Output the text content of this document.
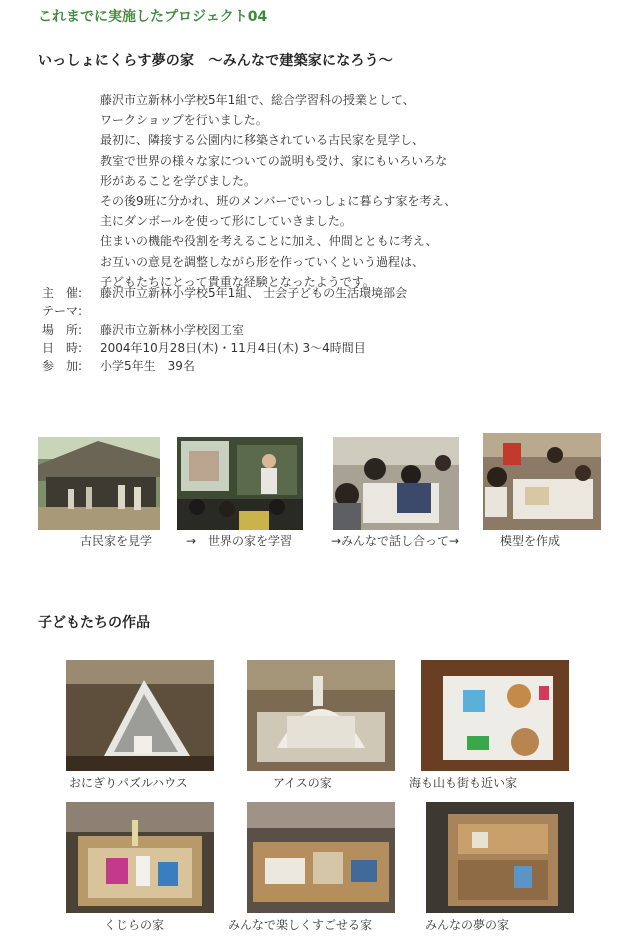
これまでに実施したプロジェクト04
いっしょにくらす夢の家　～みんなで建築家になろう～
藤沢市立新林小学校5年1組で、総合学習科の授業として、
ワークショップを行いました。
最初に、隣接する公園内に移築されている古民家を見学し、
教室で世界の様々な家についての説明も受け、家にもいろいろな
形があることを学びました。
その後9班に分かれ、班のメンバーでいっしょに暮らす家を考え、
主にダンボールを使って形にしていきました。
住まいの機能や役割を考えることに加え、仲間とともに考え、
お互いの意見を調整しながら形を作っていくという過程は、
子どもたちにとって貴重な経験となったようです。
主　催:	藤沢市立新林小学校5年1組、 士会子どもの生活環境部会
テーマ:
場　所:	藤沢市立新林小学校図工室
日　時:	2004年10月28日(木)・11月4日(木) 3～4時間目
参　加:	小学5年生　39名
古民家を見学	→　世界の家を学習	→みんなで話し合って→	模型を作成
子どもたちの作品
おにぎりパズルハウス	アイスの家	海も山も街も近い家
くじらの家	みんなで楽しくすごせる家	みんなの夢の家
